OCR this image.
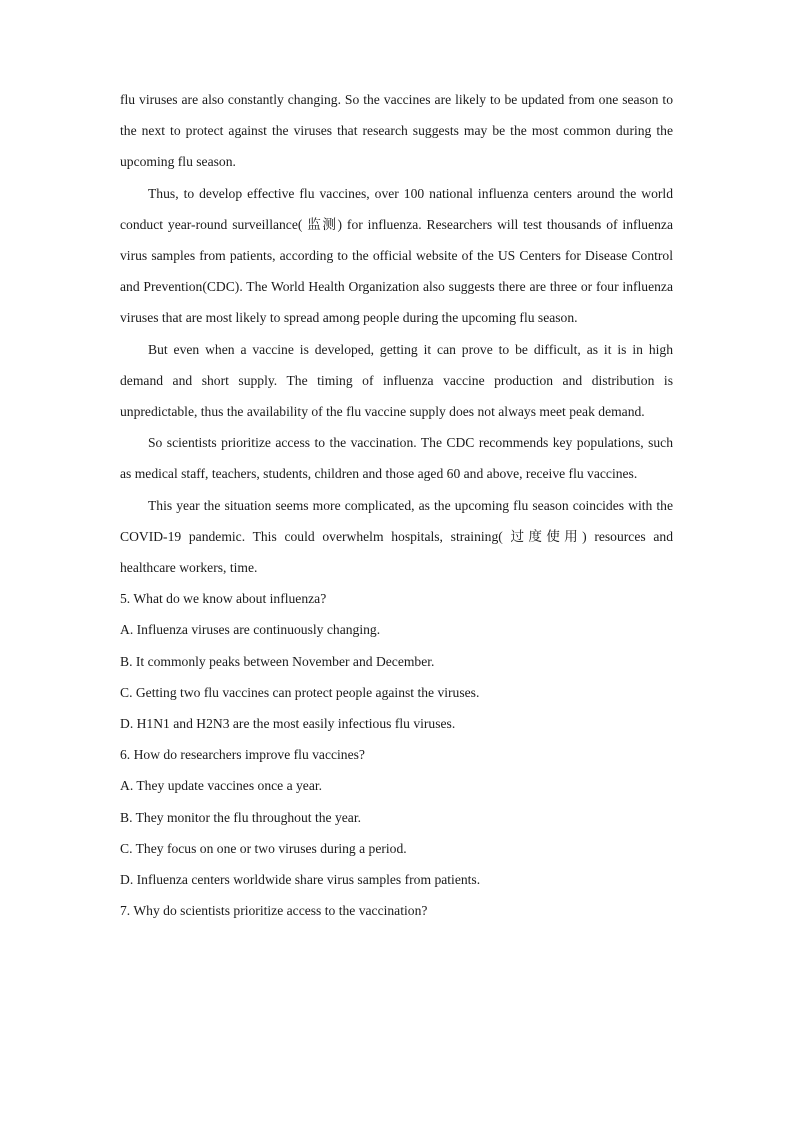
flu viruses are also constantly changing. So the vaccines are likely to be updated from one season to the next to protect against the viruses that research suggests may be the most common during the upcoming flu season.

Thus, to develop effective flu vaccines, over 100 national influenza centers around the world conduct year-round surveillance( 监测) for influenza. Researchers will test thousands of influenza virus samples from patients, according to the official website of the US Centers for Disease Control and Prevention(CDC). The World Health Organization also suggests there are three or four influenza viruses that are most likely to spread among people during the upcoming flu season.

But even when a vaccine is developed, getting it can prove to be difficult, as it is in high demand and short supply. The timing of influenza vaccine production and distribution is unpredictable, thus the availability of the flu vaccine supply does not always meet peak demand.

So scientists prioritize access to the vaccination. The CDC recommends key populations, such as medical staff, teachers, students, children and those aged 60 and above, receive flu vaccines.

This year the situation seems more complicated, as the upcoming flu season coincides with the COVID-19 pandemic. This could overwhelm hospitals, straining( 过度使用) resources and healthcare workers, time.

5. What do we know about influenza?

A. Influenza viruses are continuously changing.

B. It commonly peaks between November and December.

C. Getting two flu vaccines can protect people against the viruses.

D. H1N1 and H2N3 are the most easily infectious flu viruses.

6. How do researchers improve flu vaccines?

A. They update vaccines once a year.

B. They monitor the flu throughout the year.

C. They focus on one or two viruses during a period.

D. Influenza centers worldwide share virus samples from patients.

7. Why do scientists prioritize access to the vaccination?
